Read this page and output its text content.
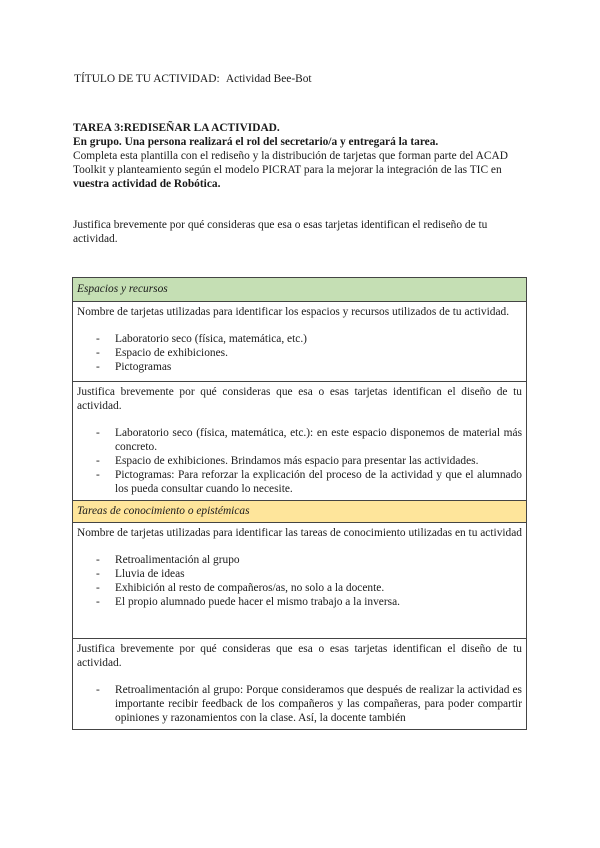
TÍTULO DE TU ACTIVIDAD: Actividad Bee-Bot
TAREA 3:REDISEÑAR LA ACTIVIDAD.
En grupo. Una persona realizará el rol del secretario/a y entregará la tarea.
Completa esta plantilla con el rediseño y la distribución de tarjetas que forman parte del ACAD Toolkit y planteamiento según el modelo PICRAT para la mejorar la integración de las TIC en vuestra actividad de Robótica.
Justifica brevemente por qué consideras que esa o esas tarjetas identifican el rediseño de tu actividad.
Espacios y recursos

Nombre de tarjetas utilizadas para identificar los espacios y recursos utilizados de tu actividad.
- Laboratorio seco (física, matemática, etc.)
- Espacio de exhibiciones.
- Pictogramas

Justifica brevemente por qué consideras que esa o esas tarjetas identifican el diseño de tu actividad.
- Laboratorio seco (física, matemática, etc.): en este espacio disponemos de material más concreto.
- Espacio de exhibiciones. Brindamos más espacio para presentar las actividades.
- Pictogramas: Para reforzar la explicación del proceso de la actividad y que el alumnado los pueda consultar cuando lo necesite.

Tareas de conocimiento o epistémicas

Nombre de tarjetas utilizadas para identificar las tareas de conocimiento utilizadas en tu actividad
- Retroalimentación al grupo
- Lluvia de ideas
- Exhibición al resto de compañeros/as, no solo a la docente.
- El propio alumnado puede hacer el mismo trabajo a la inversa.

Justifica brevemente por qué consideras que esa o esas tarjetas identifican el diseño de tu actividad.
- Retroalimentación al grupo: Porque consideramos que después de realizar la actividad es importante recibir feedback de los compañeros y las compañeras, para poder compartir opiniones y razonamientos con la clase. Así, la docente también
